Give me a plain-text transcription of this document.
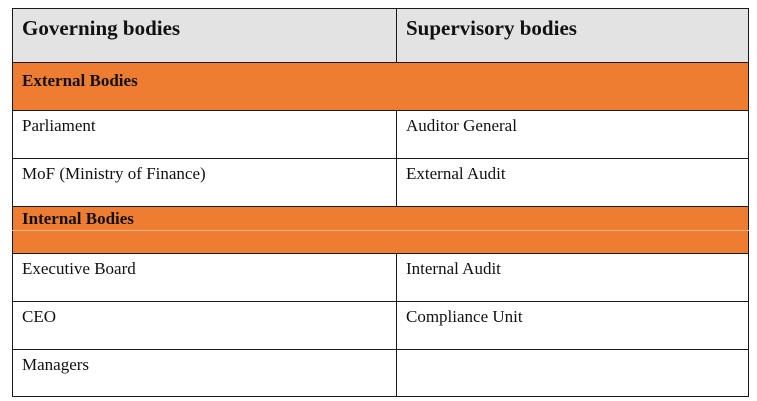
Governing bodies	Supervisory bodies
External Bodies	
Parliament	Auditor General
MoF (Ministry of Finance)	External Audit
Internal Bodies	

Executive Board	Internal Audit
CEO	Compliance Unit
Managers	
